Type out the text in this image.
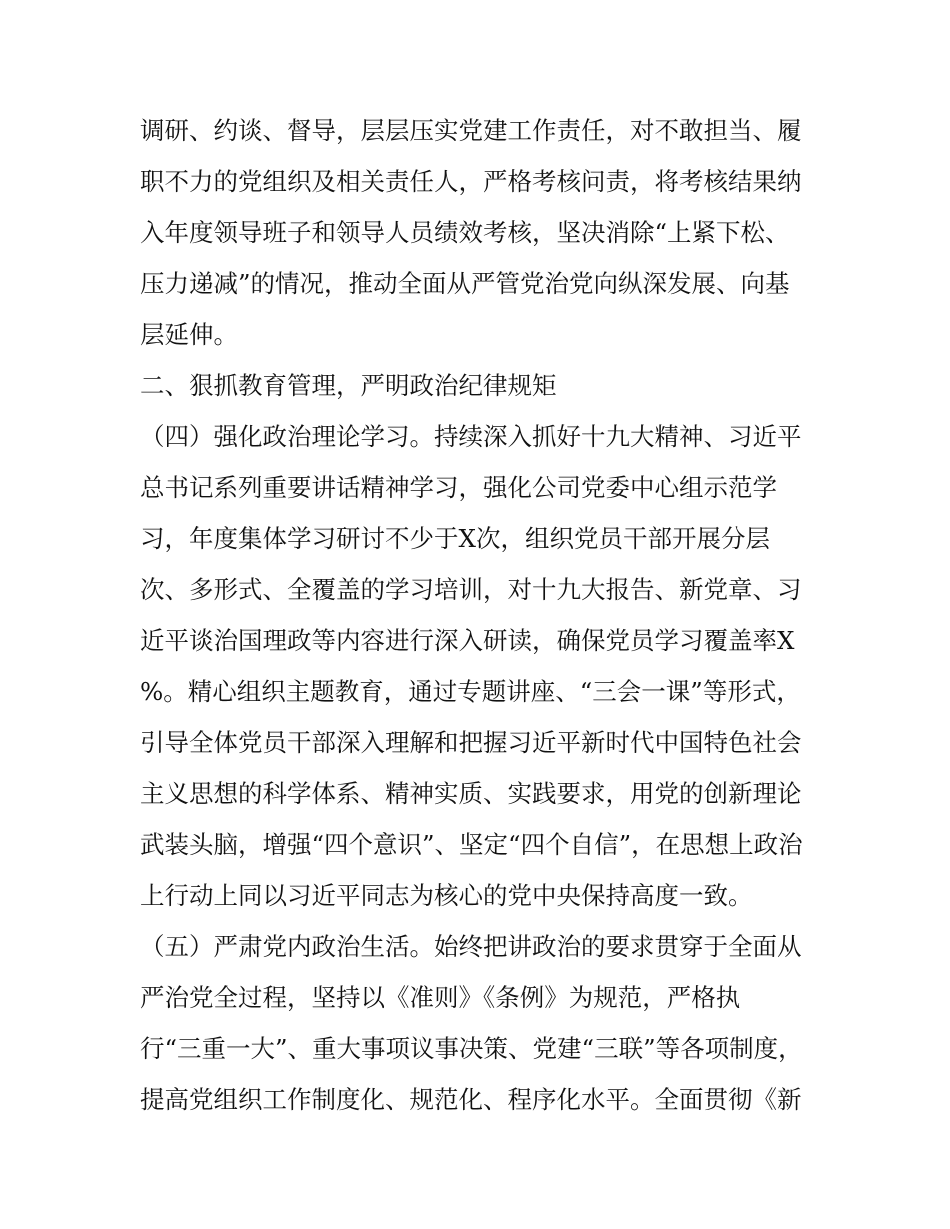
调研、约谈、督导，层层压实党建工作责任，对不敢担当、履
职不力的党组织及相关责任人，严格考核问责，将考核结果纳
入年度领导班子和领导人员绩效考核，坚决消除“上紧下松、
压力递减”的情况，推动全面从严管党治党向纵深发展、向基
层延伸。
二、狠抓教育管理，严明政治纪律规矩
（四）强化政治理论学习。持续深入抓好十九大精神、习近平
总书记系列重要讲话精神学习，强化公司党委中心组示范学
习，年度集体学习研讨不少于X次，组织党员干部开展分层
次、多形式、全覆盖的学习培训，对十九大报告、新党章、习
近平谈治国理政等内容进行深入研读，确保党员学习覆盖率X
%。精心组织主题教育，通过专题讲座、“三会一课”等形式，
引导全体党员干部深入理解和把握习近平新时代中国特色社会
主义思想的科学体系、精神实质、实践要求，用党的创新理论
武装头脑，增强“四个意识”、坚定“四个自信”，在思想上政治
上行动上同以习近平同志为核心的党中央保持高度一致。
（五）严肃党内政治生活。始终把讲政治的要求贯穿于全面从
严治党全过程，坚持以《准则》《条例》为规范，严格执
行“三重一大”、重大事项议事决策、党建“三联”等各项制度，
提高党组织工作制度化、规范化、程序化水平。全面贯彻《新
